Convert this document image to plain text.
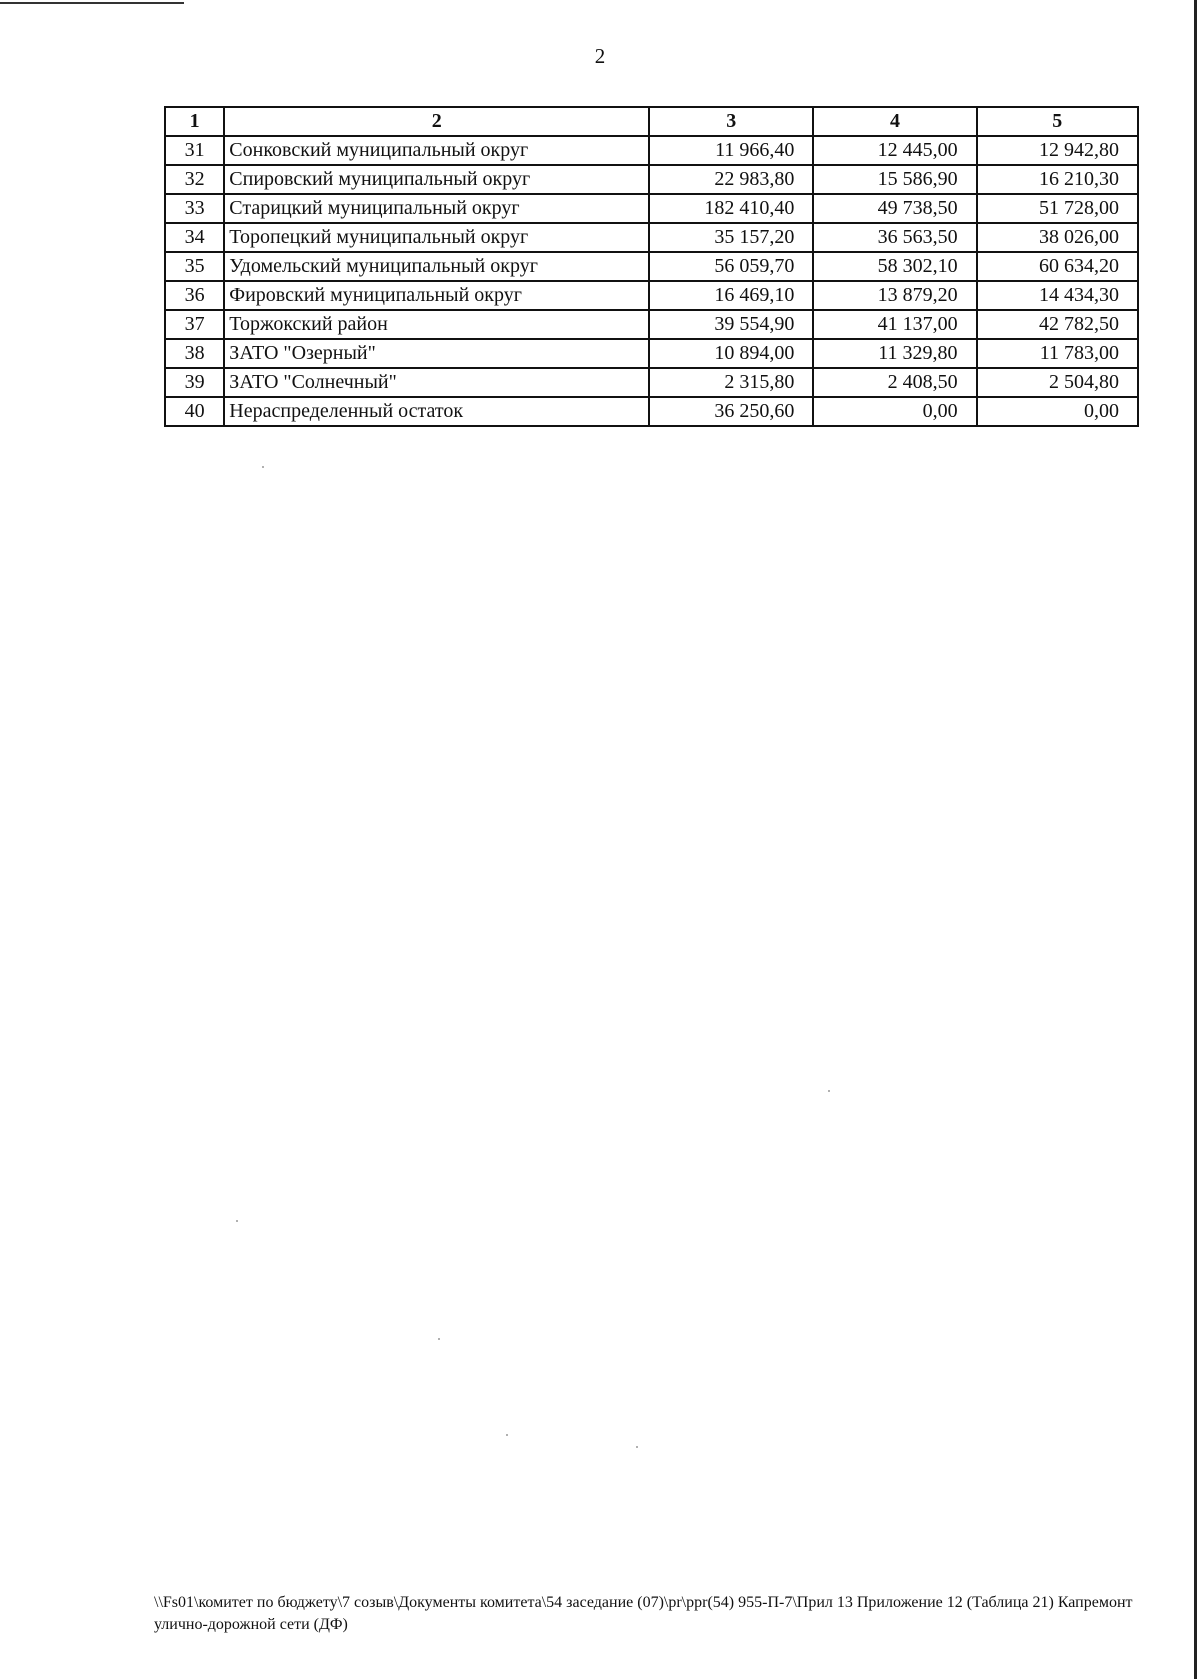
2
1	2	3	4	5
31	Сонковский муниципальный округ	11 966,40	12 445,00	12 942,80
32	Спировский муниципальный округ	22 983,80	15 586,90	16 210,30
33	Старицкий муниципальный округ	182 410,40	49 738,50	51 728,00
34	Торопецкий муниципальный округ	35 157,20	36 563,50	38 026,00
35	Удомельский муниципальный округ	56 059,70	58 302,10	60 634,20
36	Фировский муниципальный округ	16 469,10	13 879,20	14 434,30
37	Торжокский район	39 554,90	41 137,00	42 782,50
38	ЗАТО "Озерный"	10 894,00	11 329,80	11 783,00
39	ЗАТО "Солнечный"	2 315,80	2 408,50	2 504,80
40	Нераспределенный остаток	36 250,60	0,00	0,00
\\Fs01\комитет по бюджету\7 созыв\Документы комитета\54 заседание (07)\pr\ppr(54) 955-П-7\Прил 13 Приложение 12 (Таблица 21) Капремонт
улично-дорожной сети (ДФ)
